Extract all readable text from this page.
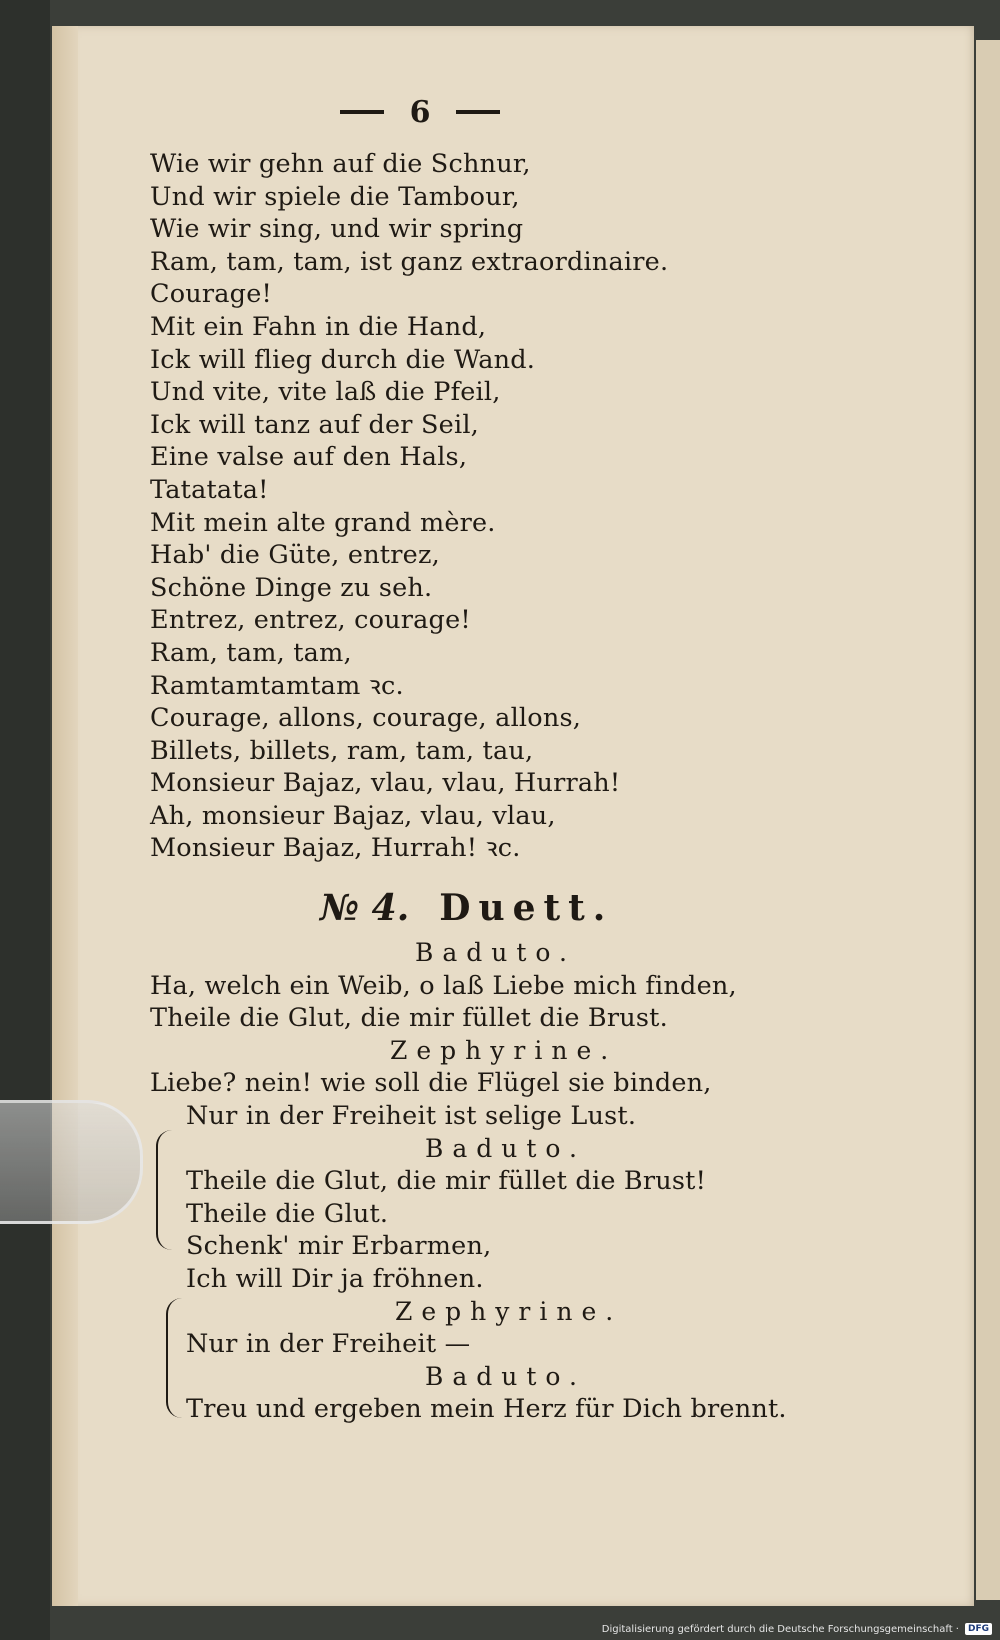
6
Wie wir gehn auf die Schnur,
Und wir spiele die Tambour,
Wie wir sing, und wir spring
Ram, tam, tam, ist ganz extraordinaire.
Courage!
Mit ein Fahn in die Hand,
Ick will flieg durch die Wand.
Und vite, vite laß die Pfeil,
Ick will tanz auf der Seil,
Eine valse auf den Hals,
Tatatata!
Mit mein alte grand mère.
Hab' die Güte, entrez,
Schöne Dinge zu seh.
Entrez, entrez, courage!
Ram, tam, tam,
Ramtamtamtam ꝛc.
Courage, allons, courage, allons,
Billets, billets, ram, tam, tau,
Monsieur Bajaz, vlau, vlau, Hurrah!
Ah, monsieur Bajaz, vlau, vlau,
Monsieur Bajaz, Hurrah! ꝛc.
№ 4. Duett.
Baduto.
Ha, welch ein Weib, o laß Liebe mich finden,
Theile die Glut, die mir füllet die Brust.
Zephyrine.
Liebe? nein! wie soll die Flügel sie binden,
Nur in der Freiheit ist selige Lust.
Baduto.
Theile die Glut, die mir füllet die Brust!
Theile die Glut.
Schenk' mir Erbarmen,
Ich will Dir ja fröhnen.
Zephyrine.
Nur in der Freiheit —
Baduto.
Treu und ergeben mein Herz für Dich brennt.
Digitalisierung gefördert durch die Deutsche Forschungsgemeinschaft ·	DFG
